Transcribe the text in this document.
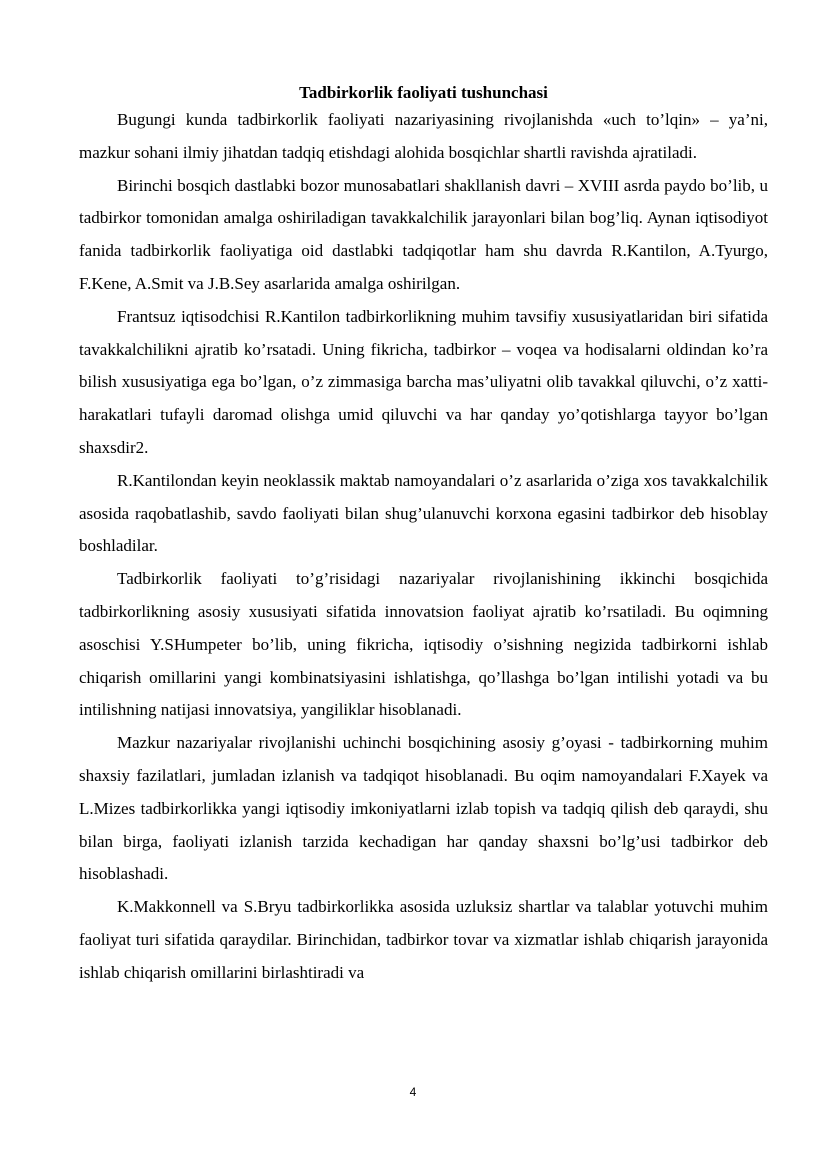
Tadbirkorlik faoliyati tushunchasi

Bugungi kunda tadbirkorlik faoliyati nazariyasining rivojlanishda «uch to’lqin» – ya’ni, mazkur sohani ilmiy jihatdan tadqiq etishdagi alohida bosqichlar shartli ravishda ajratiladi.

Birinchi bosqich dastlabki bozor munosabatlari shakllanish davri – XVIII asrda paydo bo’lib, u tadbirkor tomonidan amalga oshiriladigan tavakkalchilik jarayonlari bilan bog’liq. Aynan iqtisodiyot fanida tadbirkorlik faoliyatiga oid dastlabki tadqiqotlar ham shu davrda R.Kantilon, A.Tyurgo, F.Kene, A.Smit va J.B.Sey asarlarida amalga oshirilgan.

Frantsuz iqtisodchisi R.Kantilon tadbirkorlikning muhim tavsifiy xususiyatlaridan biri sifatida tavakkalchilikni ajratib ko’rsatadi. Uning fikricha, tadbirkor – voqea va hodisalarni oldindan ko’ra bilish xususiyatiga ega bo’lgan, o’z zimmasiga barcha mas’uliyatni olib tavakkal qiluvchi, o’z xatti-harakatlari tufayli daromad olishga umid qiluvchi va har qanday yo’qotishlarga tayyor bo’lgan shaxsdir2.

R.Kantilondan keyin neoklassik maktab namoyandalari o’z asarlarida o’ziga xos tavakkalchilik asosida raqobatlashib, savdo faoliyati bilan shug’ulanuvchi korxona egasini tadbirkor deb hisoblay boshladilar.

Tadbirkorlik faoliyati to’g’risidagi nazariyalar rivojlanishining ikkinchi bosqichida tadbirkorlikning asosiy xususiyati sifatida innovatsion faoliyat ajratib ko’rsatiladi. Bu oqimning asoschisi Y.SHumpeter bo’lib, uning fikricha, iqtisodiy o’sishning negizida tadbirkorni ishlab chiqarish omillarini yangi kombinatsiyasini ishlatishga, qo’llashga bo’lgan intilishi yotadi va bu intilishning natijasi innovatsiya, yangiliklar hisoblanadi.

Mazkur nazariyalar rivojlanishi uchinchi bosqichining asosiy g’oyasi - tadbirkorning muhim shaxsiy fazilatlari, jumladan izlanish va tadqiqot hisoblanadi. Bu oqim namoyandalari F.Xayek va L.Mizes tadbirkorlikka yangi iqtisodiy imkoniyatlarni izlab topish va tadqiq qilish deb qaraydi, shu bilan birga, faoliyati izlanish tarzida kechadigan har qanday shaxsni bo’lg’usi tadbirkor deb hisoblashadi.

K.Makkonnell va S.Bryu tadbirkorlikka asosida uzluksiz shartlar va talablar yotuvchi muhim faoliyat turi sifatida qaraydilar. Birinchidan, tadbirkor tovar va xizmatlar ishlab chiqarish jarayonida ishlab chiqarish omillarini birlashtiradi va

4
